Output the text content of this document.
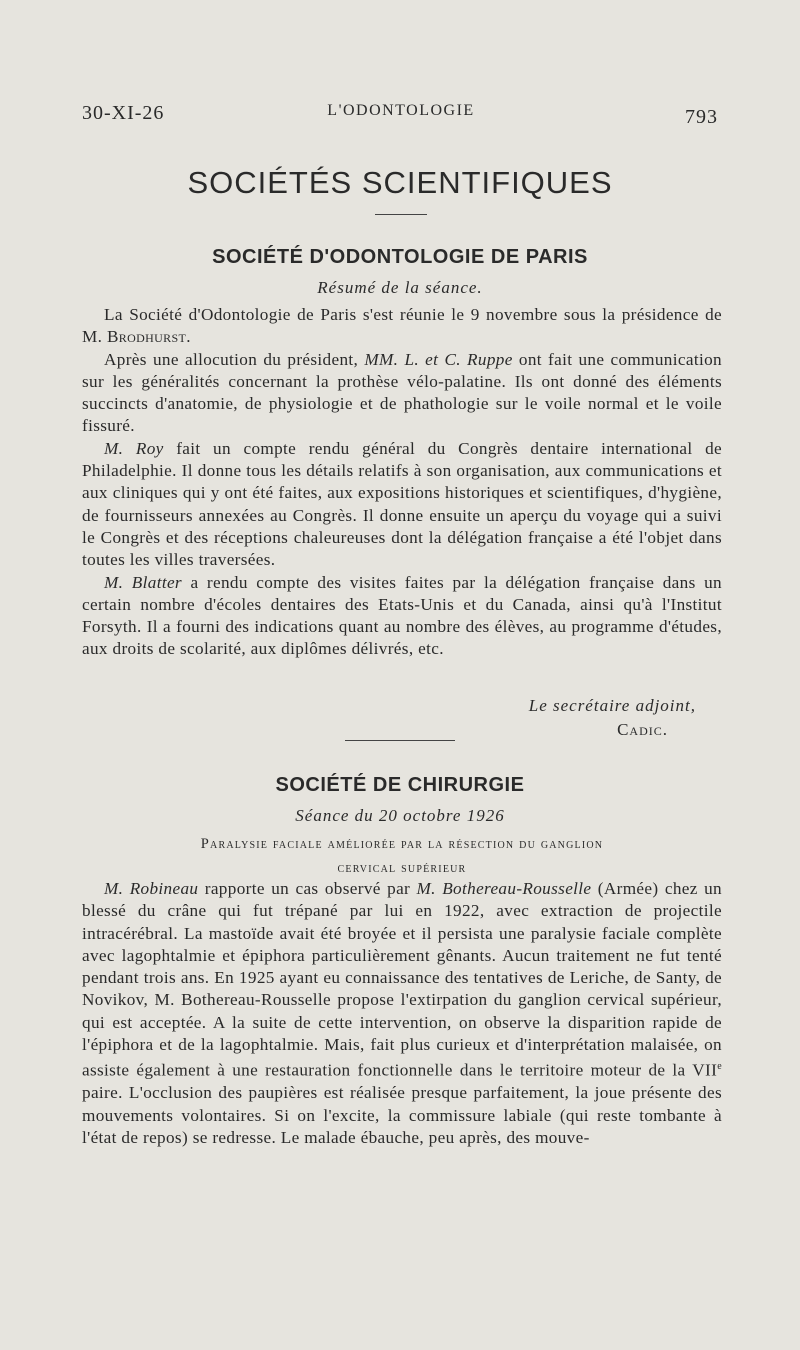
30-XI-26	L'ODONTOLOGIE	793
SOCIÉTÉS SCIENTIFIQUES
SOCIÉTÉ D'ODONTOLOGIE DE PARIS
Résumé de la séance.

La Société d'Odontologie de Paris s'est réunie le 9 novembre sous la présidence de M. Brodhurst.

Après une allocution du président, MM. L. et C. Ruppe ont fait une communication sur les généralités concernant la prothèse vélo-palatine. Ils ont donné des éléments succincts d'anatomie, de physiologie et de phathologie sur le voile normal et le voile fissuré.

M. Roy fait un compte rendu général du Congrès dentaire international de Philadelphie. Il donne tous les détails relatifs à son organisation, aux communications et aux cliniques qui y ont été faites, aux expositions historiques et scientifiques, d'hygiène, de fournisseurs annexées au Congrès. Il donne ensuite un aperçu du voyage qui a suivi le Congrès et des réceptions chaleureuses dont la délégation française a été l'objet dans toutes les villes traversées.

M. Blatter a rendu compte des visites faites par la délégation française dans un certain nombre d'écoles dentaires des Etats-Unis et du Canada, ainsi qu'à l'Institut Forsyth. Il a fourni des indications quant au nombre des élèves, au programme d'études, aux droits de scolarité, aux diplômes délivrés, etc.

Le secrétaire adjoint,
Cadic.
SOCIÉTÉ DE CHIRURGIE
Séance du 20 octobre 1926
Paralysie faciale améliorée par la résection du ganglion
cervical supérieur

M. Robineau rapporte un cas observé par M. Bothereau-Rousselle (Armée) chez un blessé du crâne qui fut trépané par lui en 1922, avec extraction de projectile intracérébral. La mastoïde avait été broyée et il persista une paralysie faciale complète avec lagophtalmie et épiphora particulièrement gênants. Aucun traitement ne fut tenté pendant trois ans. En 1925 ayant eu connaissance des tentatives de Leriche, de Santy, de Novikov, M. Bothereau-Rousselle propose l'extirpation du ganglion cervical supérieur, qui est acceptée. A la suite de cette intervention, on observe la disparition rapide de l'épiphora et de la lagophtalmie. Mais, fait plus curieux et d'interprétation malaisée, on assiste également à une restauration fonctionnelle dans le territoire moteur de la VIIe paire. L'occlusion des paupières est réalisée presque parfaitement, la joue présente des mouvements volontaires. Si on l'excite, la commissure labiale (qui reste tombante à l'état de repos) se redresse. Le malade ébauche, peu après, des mouve-
